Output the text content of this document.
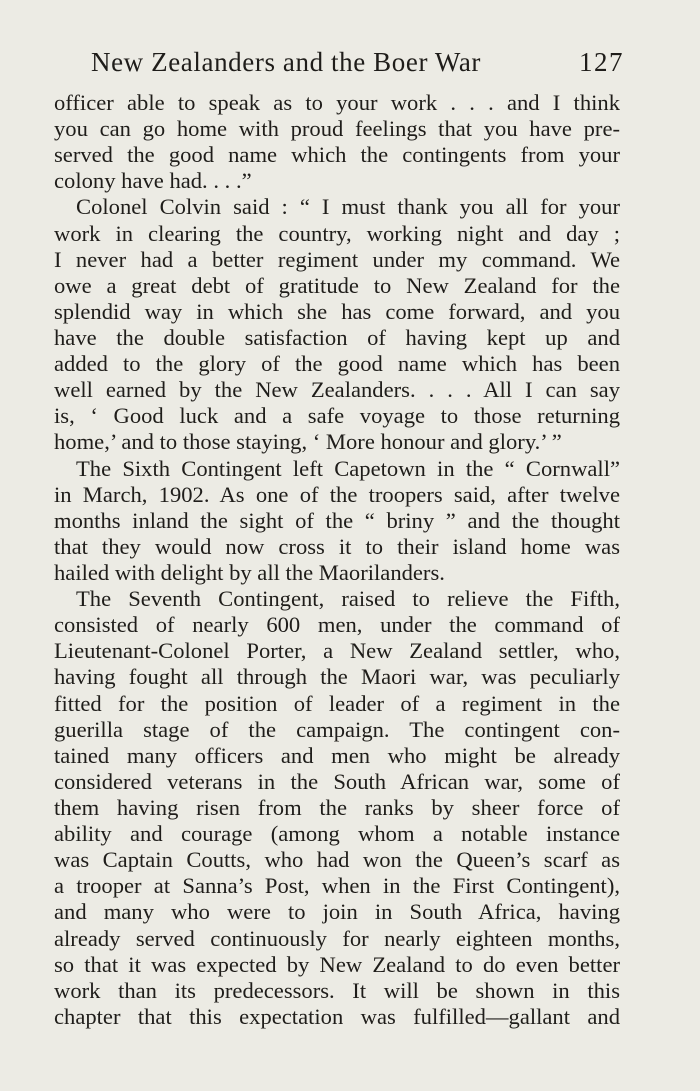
New Zealanders and the Boer War	127
officer able to speak as to your work . . . and I think
you can go home with proud feelings that you have pre-
served the good name which the contingents from your
colony have had. . . .”
Colonel Colvin said : “ I must thank you all for your
work in clearing the country, working night and day ;
I never had a better regiment under my command. We
owe a great debt of gratitude to New Zealand for the
splendid way in which she has come forward, and you
have the double satisfaction of having kept up and
added to the glory of the good name which has been
well earned by the New Zealanders. . . . All I can say
is, ‘ Good luck and a safe voyage to those returning
home,’ and to those staying, ‘ More honour and glory.’ ”
The Sixth Contingent left Capetown in the “ Cornwall”
in March, 1902. As one of the troopers said, after twelve
months inland the sight of the “ briny ” and the thought
that they would now cross it to their island home was
hailed with delight by all the Maorilanders.
The Seventh Contingent, raised to relieve the Fifth,
consisted of nearly 600 men, under the command of
Lieutenant-Colonel Porter, a New Zealand settler, who,
having fought all through the Maori war, was peculiarly
fitted for the position of leader of a regiment in the
guerilla stage of the campaign. The contingent con-
tained many officers and men who might be already
considered veterans in the South African war, some of
them having risen from the ranks by sheer force of
ability and courage (among whom a notable instance
was Captain Coutts, who had won the Queen’s scarf as
a trooper at Sanna’s Post, when in the First Contingent),
and many who were to join in South Africa, having
already served continuously for nearly eighteen months,
so that it was expected by New Zealand to do even better
work than its predecessors. It will be shown in this
chapter that this expectation was fulfilled—gallant and
